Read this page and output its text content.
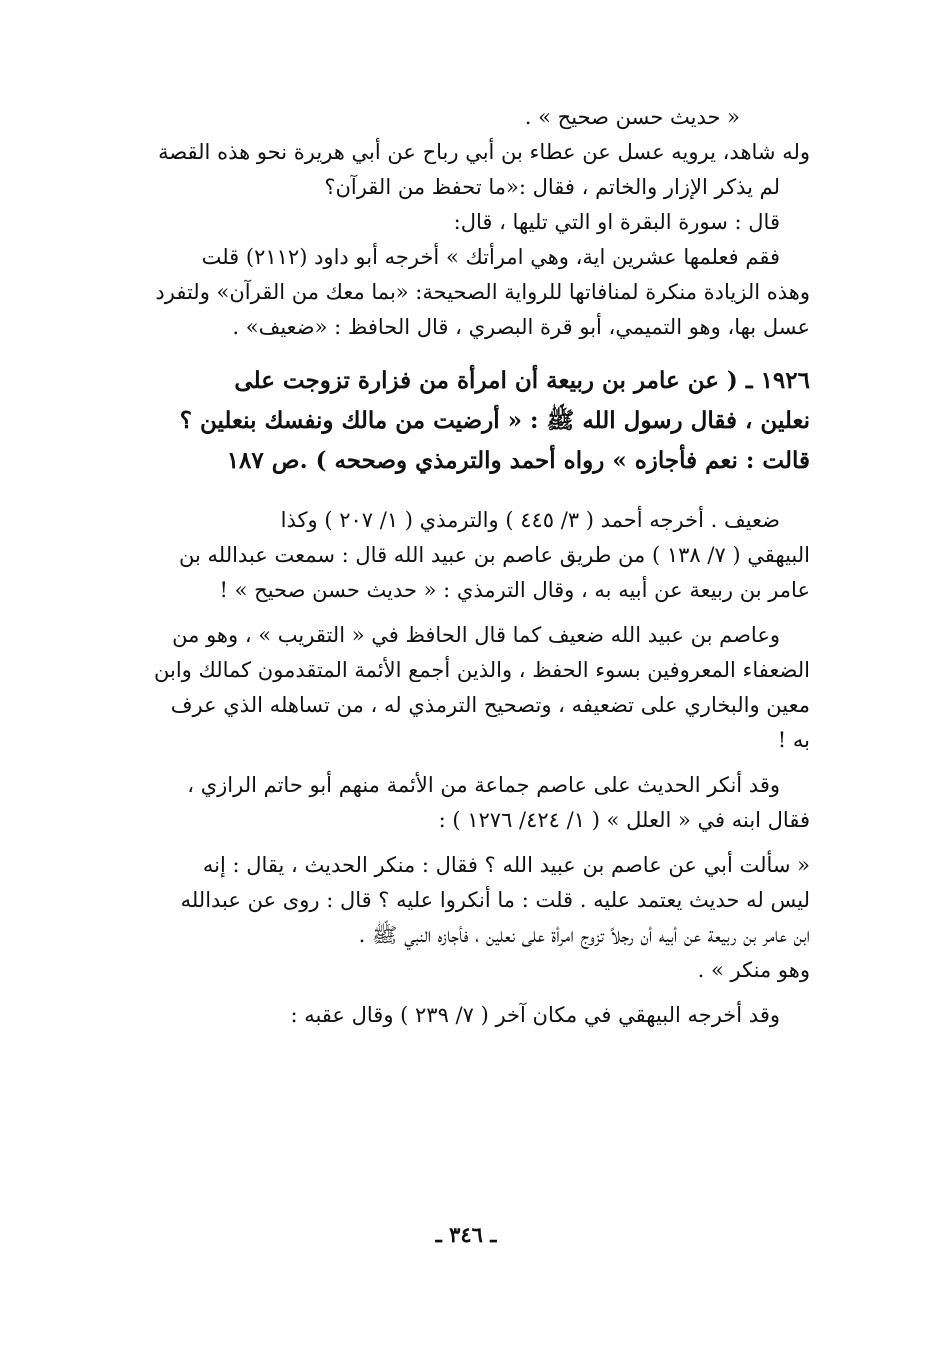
« حديث حسن صحيح » .
وله شاهد، يرويه عسل عن عطاء بن أبي رباح عن أبي هريرة نحو هذه القصة
لم يذكر الإزار والخاتم ، فقال :«ما تحفظ من القرآن؟
قال : سورة البقرة او التي تليها ، قال:
فقم فعلمها عشرين اية، وهي امرأتك » أخرجه أبو داود (٢١١٢) قلت
وهذه الزيادة منكرة لمنافاتها للرواية الصحيحة: «بما معك من القرآن» ولتفرد
عسل بها، وهو التميمي، أبو قرة البصري ، قال الحافظ : «ضعيف» .
١٩٢٦ ـ ( عن عامر بن ربيعة أن امرأة من فزارة تزوجت على
نعلين ، فقال رسول الله ﷺ : « أرضيت من مالك ونفسك بنعلين ؟
قالت : نعم فأجازه » رواه أحمد والترمذي وصححه ) .ص ١٨٧
ضعيف . أخرجه أحمد ( ٣/ ٤٤٥ ) والترمذي ( ١/ ٢٠٧ ) وكذا
البيهقي ( ٧/ ١٣٨ ) من طريق عاصم بن عبيد الله قال : سمعت عبدالله بن
عامر بن ربيعة عن أبيه به ، وقال الترمذي : « حديث حسن صحيح » !
وعاصم بن عبيد الله ضعيف كما قال الحافظ في « التقريب » ، وهو من
الضعفاء المعروفين بسوء الحفظ ، والذين أجمع الأئمة المتقدمون كمالك وابن
معين والبخاري على تضعيفه ، وتصحيح الترمذي له ، من تساهله الذي عرف
به !
وقد أنكر الحديث على عاصم جماعة من الأئمة منهم أبو حاتم الرازي ،
فقال ابنه في « العلل » ( ١/ ٤٢٤/ ١٢٧٦ ) :
« سألت أبي عن عاصم بن عبيد الله ؟ فقال : منكر الحديث ، يقال : إنه
ليس له حديث يعتمد عليه . قلت : ما أنكروا عليه ؟ قال : روى عن عبدالله
ابن عامر بن ربيعة عن أبيه أن رجلاً تزوج امرأة على نعلين ، فأجازه النبي ﷺ .
وهو منكر » .
وقد أخرجه البيهقي في مكان آخر ( ٧/ ٢٣٩ ) وقال عقبه :
ـ ٣٤٦ ـ
